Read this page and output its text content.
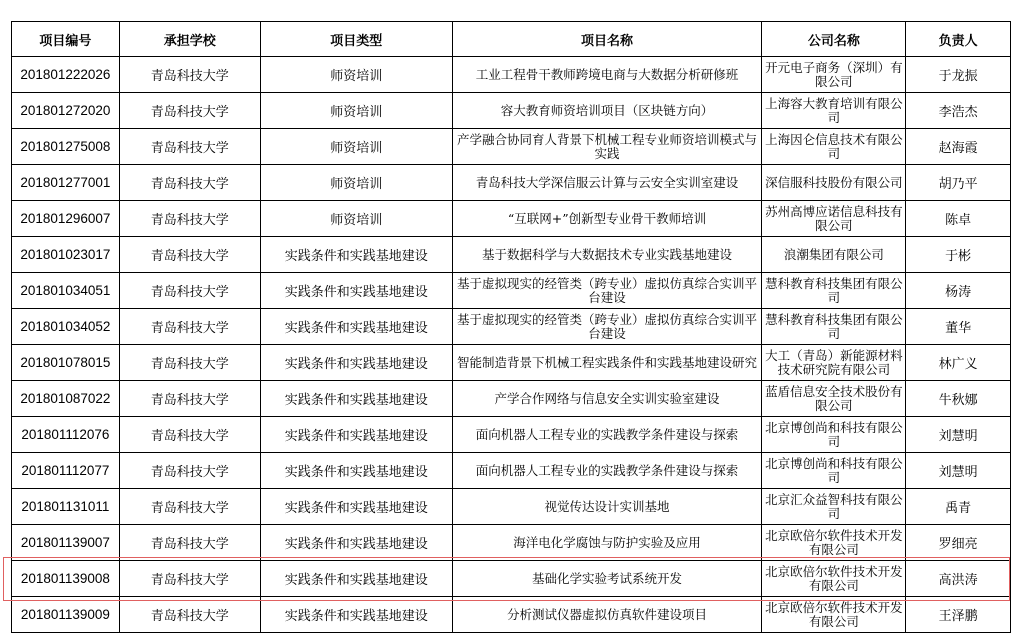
项目编号	承担学校	项目类型	项目名称	公司名称	负责人
201801222026	青岛科技大学	师资培训	工业工程骨干教师跨境电商与大数据分析研修班	开元电子商务（深圳）有限公司	于龙振
201801272020	青岛科技大学	师资培训	容大教育师资培训项目（区块链方向）	上海容大教育培训有限公司	李浩杰
201801275008	青岛科技大学	师资培训	产学融合协同育人背景下机械工程专业师资培训模式与实践	上海因仑信息技术有限公司	赵海霞
201801277001	青岛科技大学	师资培训	青岛科技大学深信服云计算与云安全实训室建设	深信服科技股份有限公司	胡乃平
201801296007	青岛科技大学	师资培训	“互联网+”创新型专业骨干教师培训	苏州高博应诺信息科技有限公司	陈卓
201801023017	青岛科技大学	实践条件和实践基地建设	基于数据科学与大数据技术专业实践基地建设	浪潮集团有限公司	于彬
201801034051	青岛科技大学	实践条件和实践基地建设	基于虚拟现实的经管类（跨专业）虚拟仿真综合实训平台建设	慧科教育科技集团有限公司	杨涛
201801034052	青岛科技大学	实践条件和实践基地建设	基于虚拟现实的经管类（跨专业）虚拟仿真综合实训平台建设	慧科教育科技集团有限公司	董华
201801078015	青岛科技大学	实践条件和实践基地建设	智能制造背景下机械工程实践条件和实践基地建设研究	大工（青岛）新能源材料技术研究院有限公司	林广义
201801087022	青岛科技大学	实践条件和实践基地建设	产学合作网络与信息安全实训实验室建设	蓝盾信息安全技术股份有限公司	牛秋娜
201801112076	青岛科技大学	实践条件和实践基地建设	面向机器人工程专业的实践教学条件建设与探索	北京博创尚和科技有限公司	刘慧明
201801112077	青岛科技大学	实践条件和实践基地建设	面向机器人工程专业的实践教学条件建设与探索	北京博创尚和科技有限公司	刘慧明
201801131011	青岛科技大学	实践条件和实践基地建设	视觉传达设计实训基地	北京汇众益智科技有限公司	禹青
201801139007	青岛科技大学	实践条件和实践基地建设	海洋电化学腐蚀与防护实验及应用	北京欧倍尔软件技术开发有限公司	罗细亮
201801139008	青岛科技大学	实践条件和实践基地建设	基础化学实验考试系统开发	北京欧倍尔软件技术开发有限公司	高洪涛
201801139009	青岛科技大学	实践条件和实践基地建设	分析测试仪器虚拟仿真软件建设项目	北京欧倍尔软件技术开发有限公司	王泽鹏
